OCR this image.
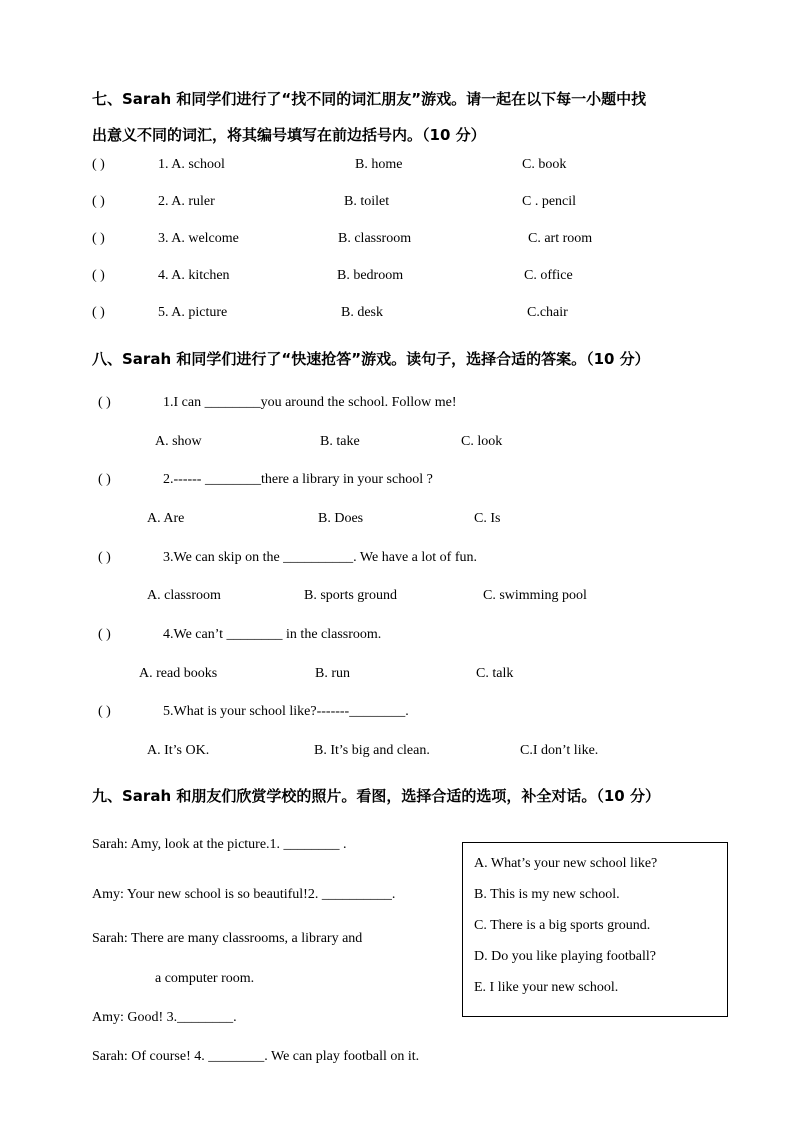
七、Sarah 和同学们进行了“找不同的词汇朋友”游戏。请一起在以下每一小题中找
出意义不同的词汇，将其编号填写在前边括号内。（10 分）
( )	1. A. school	B. home	C. book
( )	2. A. ruler	B. toilet	C . pencil
( )	3. A. welcome	B. classroom	C. art room
( )	4. A. kitchen	B. bedroom	C. office
( )	5. A. picture	B. desk	C.chair
八、Sarah 和同学们进行了“快速抢答”游戏。读句子，选择合适的答案。（10 分）
( )	1.I can ________you around the school. Follow me!
A. show	B. take	C. look
( )	2.------ ________there a library in your school ?
A. Are	B. Does	C. Is
( )	3.We can skip on the __________. We have a lot of fun.
A. classroom	B. sports ground	C. swimming pool
( )	4.We can’t ________ in the classroom.
A. read books	B. run	C. talk
( )	5.What is your school like?-------________.
A. It’s OK.	B. It’s big and clean.	C.I don’t like.
九、Sarah 和朋友们欣赏学校的照片。看图，选择合适的选项，补全对话。（10 分）
Sarah: Amy, look at the picture.1. ________ .
Amy: Your new school is so beautiful!2. __________.
Sarah: There are many classrooms, a library and
a computer room.
Amy: Good! 3.________.
Sarah: Of course! 4. ________. We can play football on it.
A. What’s your new school like?
B. This is my new school.
C. There is a big sports ground.
D. Do you like playing football?
E. I like your new school.
